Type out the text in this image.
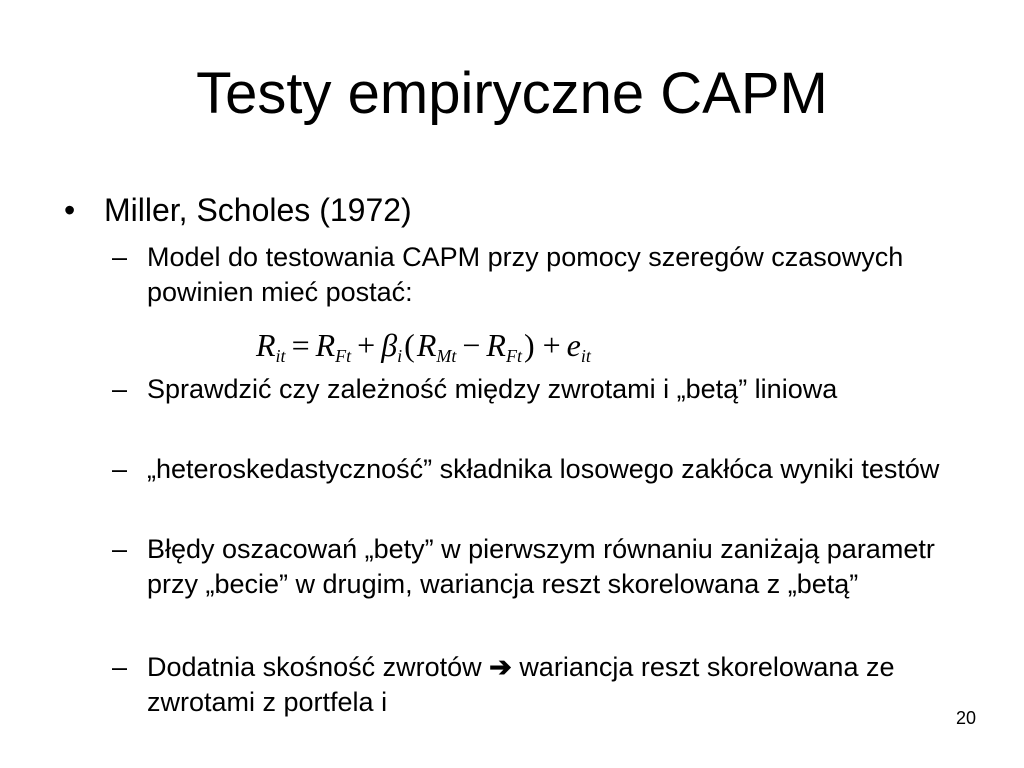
Testy empiryczne CAPM
• Miller, Scholes (1972)
– Model do testowania CAPM przy pomocy szeregów czasowych powinien mieć postać:
$R_{it} = R_{Ft} + \beta_i(R_{Mt} - R_{Ft}) + e_{it}$
– Sprawdzić czy zależność między zwrotami i „betą” liniowa
– „heteroskedastyczność” składnika losowego zakłóca wyniki testów
– Błędy oszacowań „bety” w pierwszym równaniu zaniżają parametr przy „becie” w drugim, wariancja reszt skorelowana z „betą”
– Dodatnia skośność zwrotów ➔ wariancja reszt skorelowana ze zwrotami z portfela i
20
